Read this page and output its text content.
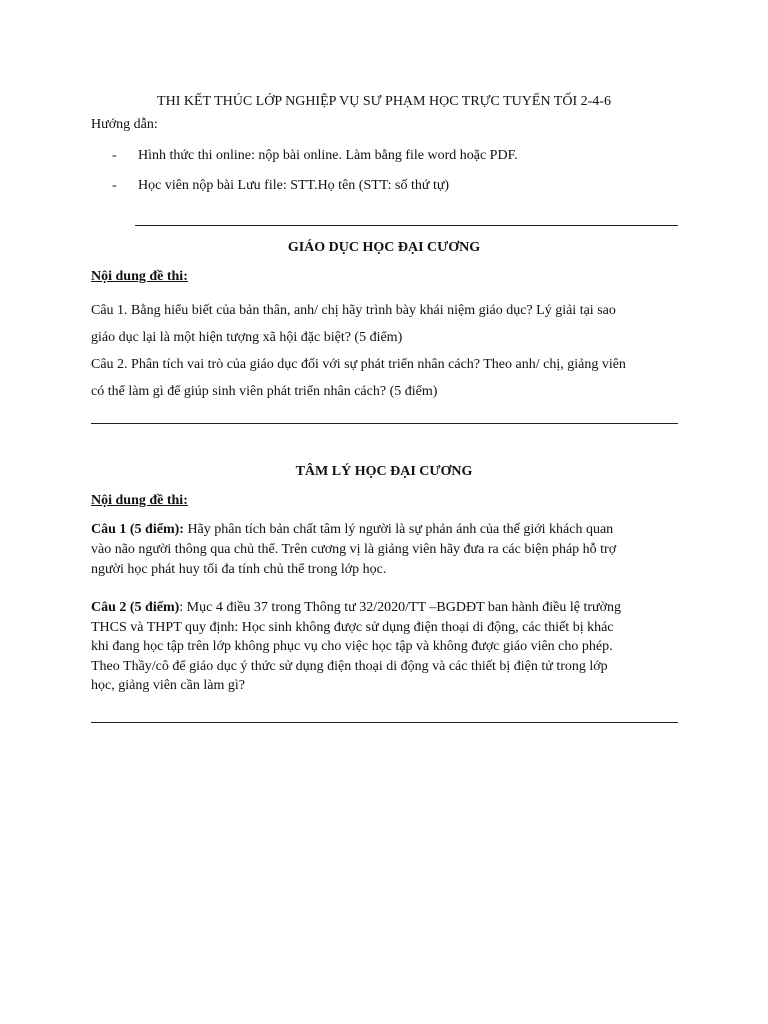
THI KẾT THÚC LỚP NGHIỆP VỤ SƯ PHẠM HỌC TRỰC TUYẾN TỐI 2-4-6
Hướng dẫn:
- Hình thức thi online: nộp bài online. Làm bằng file word hoặc PDF.
- Học viên nộp bài Lưu file: STT.Họ tên (STT: số thứ tự)
GIÁO DỤC HỌC ĐẠI CƯƠNG
Nội dung đề thi:
Câu 1. Bằng hiểu biết của bản thân, anh/ chị hãy trình bày khái niệm giáo dục? Lý giải tại sao
giáo dục lại là một hiện tượng xã hội đặc biệt? (5 điểm)
Câu 2. Phân tích vai trò của giáo dục đối với sự phát triển nhân cách? Theo anh/ chị, giảng viên
có thể làm gì để giúp sinh viên phát triển nhân cách? (5 điểm)
TÂM LÝ HỌC ĐẠI CƯƠNG
Nội dung đề thi:
Câu 1 (5 điểm): Hãy phân tích bản chất tâm lý người là sự phản ánh của thế giới khách quan
vào não người thông qua chủ thể. Trên cương vị là giảng viên hãy đưa ra các biện pháp hỗ trợ
người học phát huy tối đa tính chủ thể trong lớp học.
Câu 2 (5 điểm): Mục 4 điều 37 trong Thông tư 32/2020/TT –BGDĐT ban hành điều lệ trường
THCS và THPT quy định: Học sinh không được sử dụng điện thoại di động, các thiết bị khác
khi đang học tập trên lớp không phục vụ cho việc học tập và không được giáo viên cho phép.
Theo Thầy/cô để giáo dục ý thức sử dụng điện thoại di động và các thiết bị điện tử trong lớp
học, giảng viên cần làm gì?
